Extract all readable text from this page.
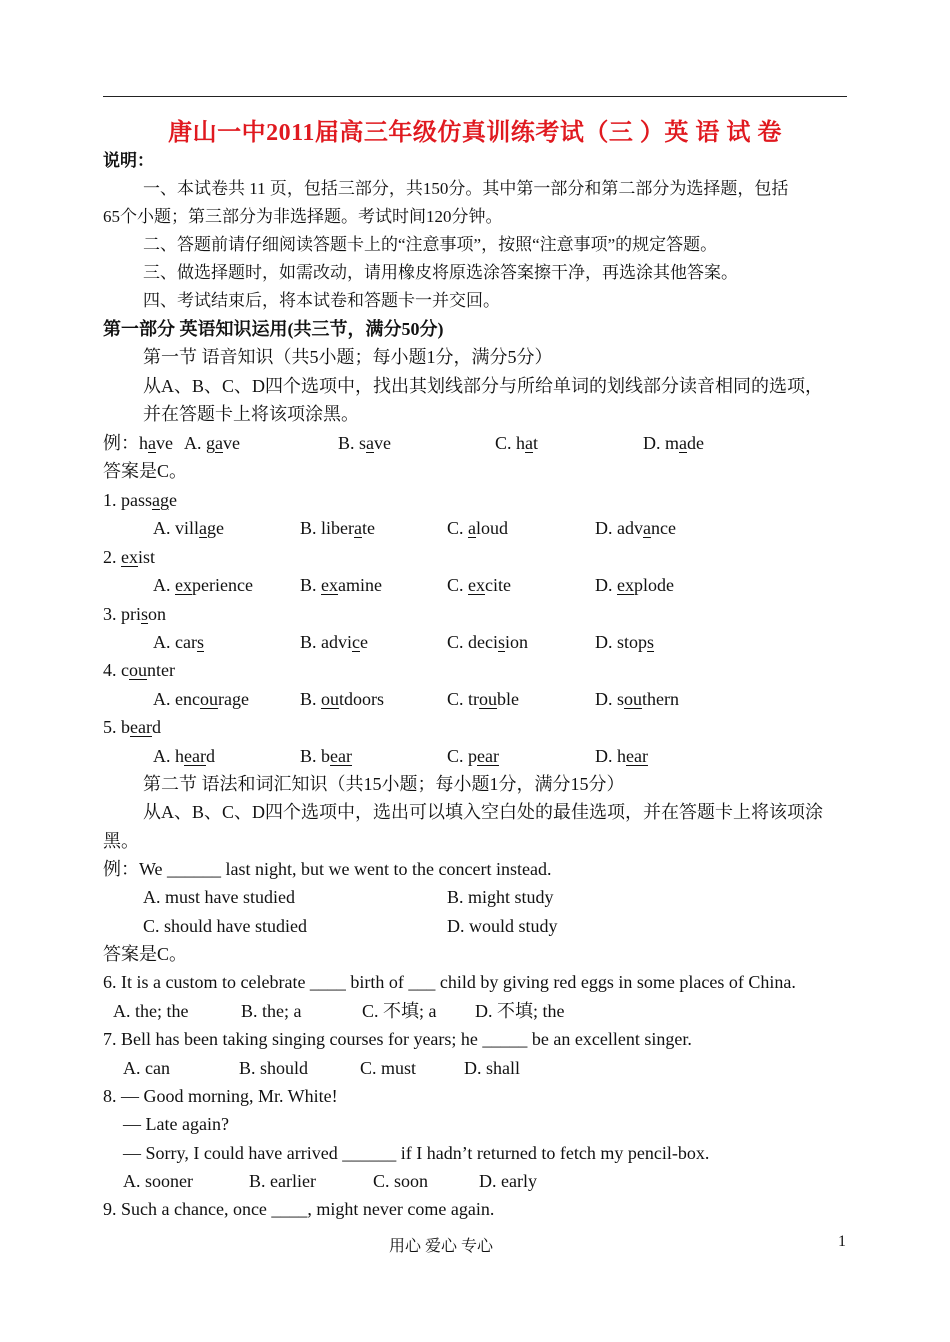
唐山一中2011届高三年级仿真训练考试（三 ）英 语 试 卷
说明：
一、本试卷共 11 页，包括三部分，共150分。其中第一部分和第二部分为选择题，包括
65个小题；第三部分为非选择题。考试时间120分钟。
二、答题前请仔细阅读答题卡上的“注意事项”，按照“注意事项”的规定答题。
三、做选择题时，如需改动，请用橡皮将原选涂答案擦干净，再选涂其他答案。
四、考试结束后，将本试卷和答题卡一并交回。
第一部分 英语知识运用(共三节，满分50分)
第一节 语音知识（共5小题；每小题1分，满分5分）
从A、B、C、D四个选项中，找出其划线部分与所给单词的划线部分读音相同的选项，
并在答题卡上将该项涂黑。
例：have A. gave	B. save	C. hat	D. made
答案是C。
1. passage
A. village	B. liberate	C. aloud	D. advance
2. exist
A. experience	B. examine	C. excite	D. explode
3. prison
A. cars	B. advice	C. decision	D. stops
4. counter
A. encourage	B. outdoors	C. trouble	D. southern
5. beard
A. heard	B. bear	C. pear	D. hear
第二节 语法和词汇知识（共15小题；每小题1分，满分15分）
从A、B、C、D四个选项中，选出可以填入空白处的最佳选项，并在答题卡上将该项涂
黑。
例：We ______ last night, but we went to the concert instead.
A. must have studied	B. might study
C. should have studied	D. would study
答案是C。
6. It is a custom to celebrate ____ birth of ___ child by giving red eggs in some places of China.
A. the; the	B. the; a	C. 不填; a D. 不填; the
7. Bell has been taking singing courses for years; he _____ be an excellent singer.
A. can	B. should	C. must	D. shall
8. — Good morning, Mr. White!
— Late again?
— Sorry, I could have arrived ______ if I hadn’t returned to fetch my pencil-box.
A. sooner	B. earlier	C. soon	D. early
9. Such a chance, once ____, might never come again.
用心 爱心 专心	1
